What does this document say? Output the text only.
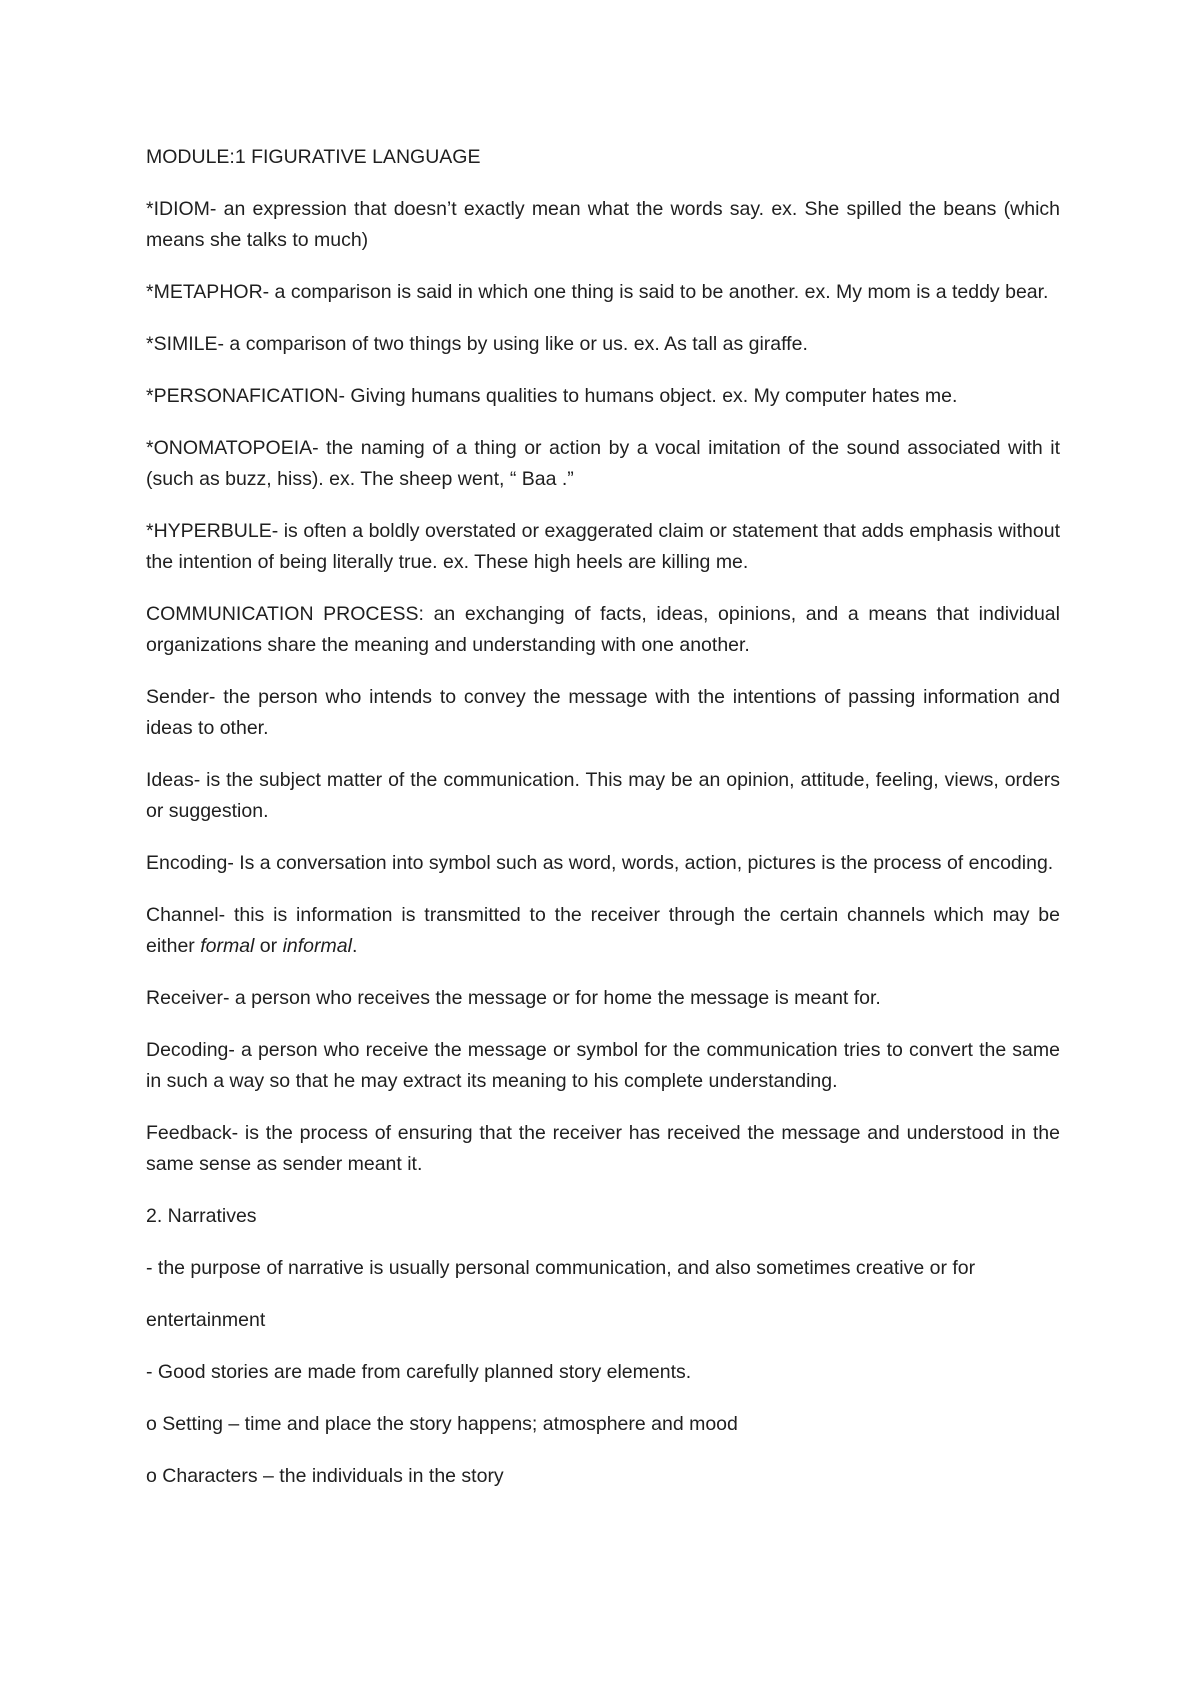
MODULE:1 FIGURATIVE LANGUAGE

*IDIOM- an expression that doesn’t exactly mean what the words say. ex. She spilled the beans (which means she talks to much)

*METAPHOR- a comparison is said in which one thing is said to be another. ex. My mom is a teddy bear.

*SIMILE- a comparison of two things by using like or us. ex. As tall as giraffe.

*PERSONAFICATION- Giving humans qualities to humans object. ex. My computer hates me.

*ONOMATOPOEIA- the naming of a thing or action by a vocal imitation of the sound associated with it (such as buzz, hiss). ex. The sheep went, “ Baa .”

*HYPERBULE- is often a boldly overstated or exaggerated claim or statement that adds emphasis without the intention of being literally true. ex. These high heels are killing me.

COMMUNICATION PROCESS: an exchanging of facts, ideas, opinions, and a means that individual organizations share the meaning and understanding with one another.

Sender- the person who intends to convey the message with the intentions of passing information and ideas to other.

Ideas- is the subject matter of the communication. This may be an opinion, attitude, feeling, views, orders or suggestion.

Encoding- Is a conversation into symbol such as word, words, action, pictures is the process of encoding.

Channel- this is information is transmitted to the receiver through the certain channels which may be either formal or informal.

Receiver- a person who receives the message or for home the message is meant for.

Decoding- a person who receive the message or symbol for the communication tries to convert the same in such a way so that he may extract its meaning to his complete understanding.

Feedback- is the process of ensuring that the receiver has received the message and understood in the same sense as sender meant it.

2. Narratives

- the purpose of narrative is usually personal communication, and also sometimes creative or for

entertainment

- Good stories are made from carefully planned story elements.

o Setting – time and place the story happens; atmosphere and mood

o Characters – the individuals in the story
